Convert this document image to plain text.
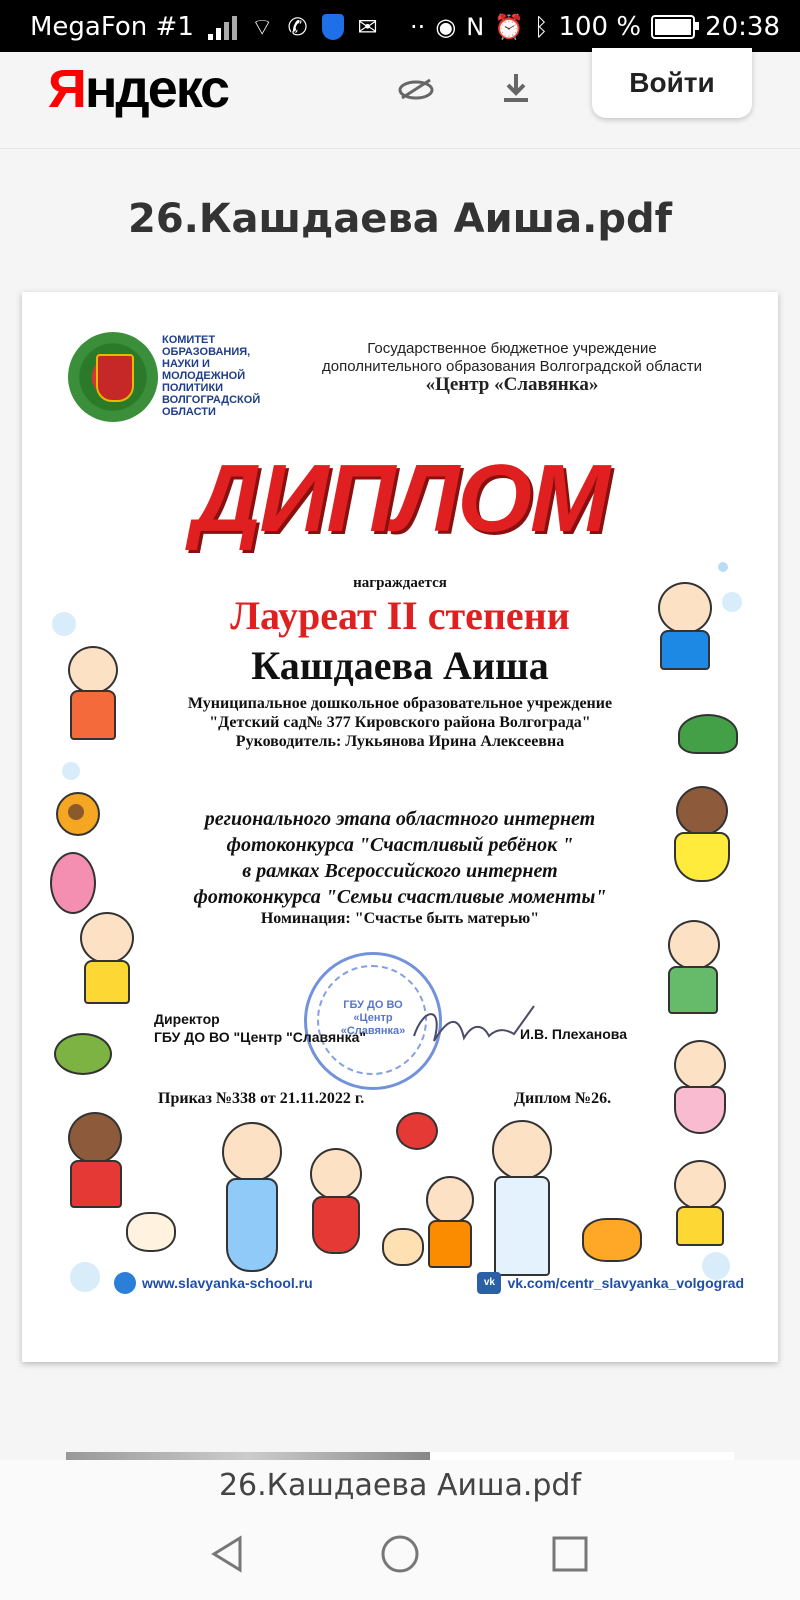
MegaFon #1 ⌔ ✆ ✉ ·· ◉ Ν ⏰ ᛒ 100 % 20:38
Яндекс	Войти
26.Кашдаева Аиша.pdf
КОМИТЕТ
ОБРАЗОВАНИЯ,
НАУКИ И
МОЛОДЕЖНОЙ
ПОЛИТИКИ
ВОЛГОГРАДСКОЙ
ОБЛАСТИ
Государственное бюджетное учреждение
дополнительного образования Волгоградской области
«Центр «Славянка»
ДИПЛОМ
награждается
Лауреат II степени
Кашдаева Аиша
Муниципальное дошкольное образовательное учреждение
"Детский сад№ 377 Кировского района Волгограда"
Руководитель: Лукьянова Ирина Алексеевна
регионального этапа областного интернет
фотоконкурса "Счастливый ребёнок "
в рамках Всероссийского интернет
фотоконкурса "Семьи счастливые моменты"
Номинация: "Счастье быть матерью"
ГБУ ДО ВО
«Центр
«Славянка»
Директор
ГБУ ДО ВО "Центр "Славянка"	И.В. Плеханова
Приказ №338 от 21.11.2022 г.	Диплом №26.
www.slavyanka-school.ru	vk vk.com/centr_slavyanka_volgograd
26.Кашдаева Аиша.pdf
